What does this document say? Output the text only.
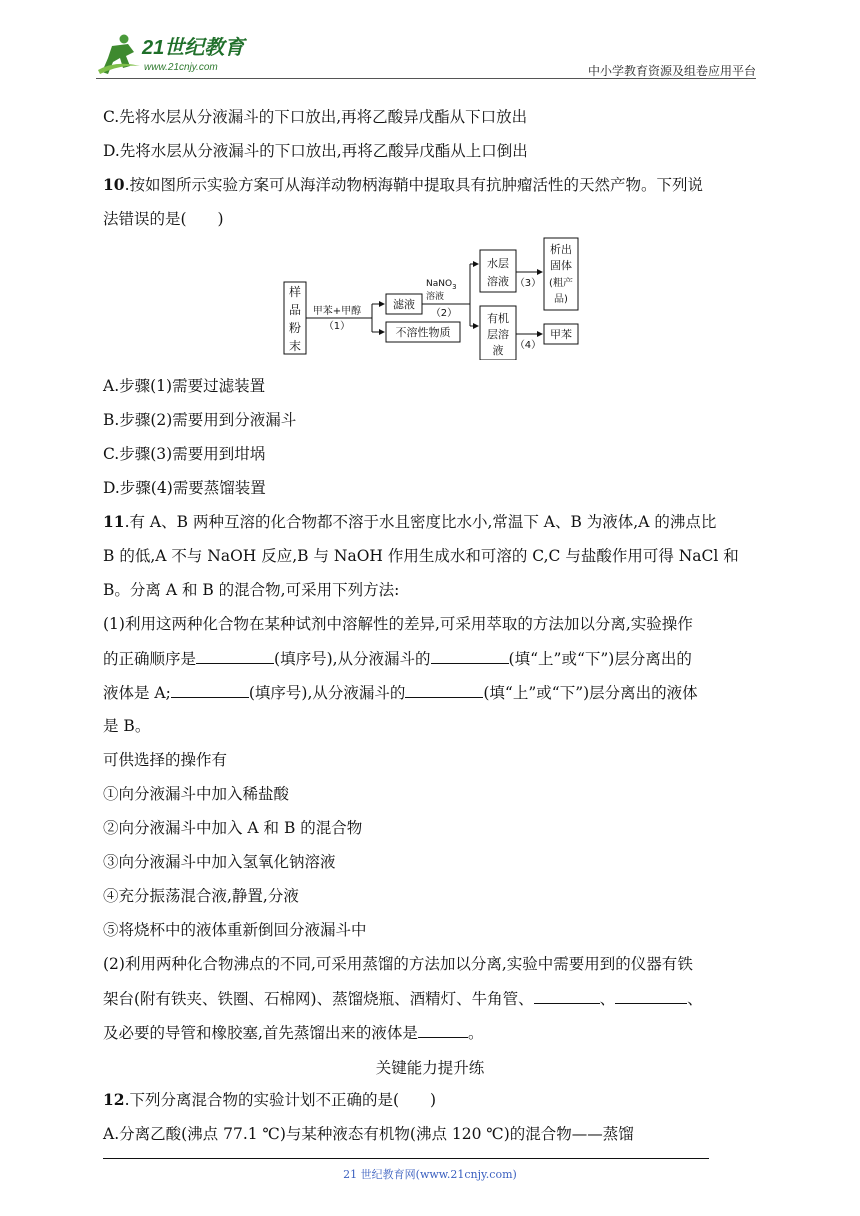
21世纪教育
www.21cnjy.com	中小学教育资源及组卷应用平台
C.先将水层从分液漏斗的下口放出,再将乙酸异戊酯从下口放出
D.先将水层从分液漏斗的下口放出,再将乙酸异戊酯从上口倒出
10.按如图所示实验方案可从海洋动物柄海鞘中提取具有抗肿瘤活性的天然产物。下列说
法错误的是(　　)
样
品
粉
末
甲苯+甲醇
（1）
滤液
不溶性物质
NaNO$_3$
溶液
（2）
水层
溶液
有机
层溶
液
（3）
（4）
析出
固体
(粗产
品)
甲苯
A.步骤(1)需要过滤装置
B.步骤(2)需要用到分液漏斗
C.步骤(3)需要用到坩埚
D.步骤(4)需要蒸馏装置
11.有 A、B 两种互溶的化合物都不溶于水且密度比水小,常温下 A、B 为液体,A 的沸点比
B 的低,A 不与 NaOH 反应,B 与 NaOH 作用生成水和可溶的 C,C 与盐酸作用可得 NaCl 和
B。分离 A 和 B 的混合物,可采用下列方法:
(1)利用这两种化合物在某种试剂中溶解性的差异,可采用萃取的方法加以分离,实验操作
的正确顺序是	(填序号),从分液漏斗的	(填“上”或“下”)层分离出的
液体是 A;	(填序号),从分液漏斗的	(填“上”或“下”)层分离出的液体
是 B。
可供选择的操作有
①向分液漏斗中加入稀盐酸
②向分液漏斗中加入 A 和 B 的混合物
③向分液漏斗中加入氢氧化钠溶液
④充分振荡混合液,静置,分液
⑤将烧杯中的液体重新倒回分液漏斗中
(2)利用两种化合物沸点的不同,可采用蒸馏的方法加以分离,实验中需要用到的仪器有铁
架台(附有铁夹、铁圈、石棉网)、蒸馏烧瓶、酒精灯、牛角管、	、	、
及必要的导管和橡胶塞,首先蒸馏出来的液体是	。
关键能力提升练
12.下列分离混合物的实验计划不正确的是(　　)
A.分离乙酸(沸点 77.1 ℃)与某种液态有机物(沸点 120 ℃)的混合物——蒸馏
21 世纪教育网(www.21cnjy.com)
